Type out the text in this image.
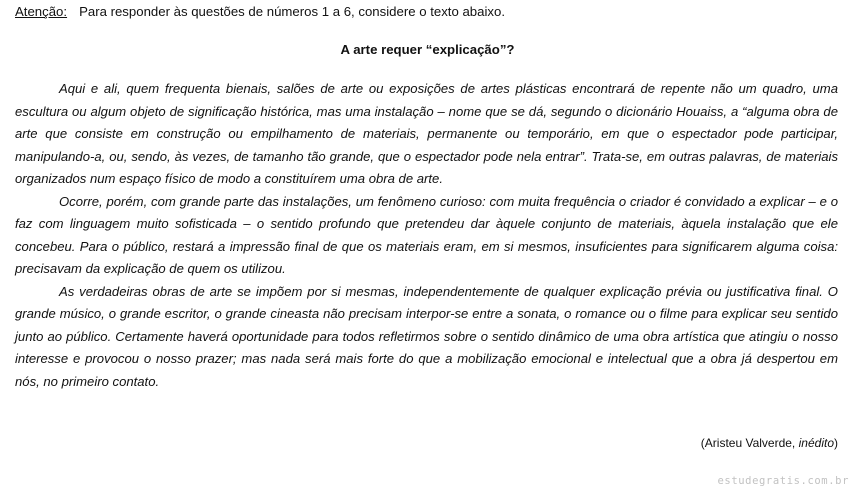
Atenção: Para responder às questões de números 1 a 6, considere o texto abaixo.
A arte requer “explicação”?

Aqui e ali, quem frequenta bienais, salões de arte ou exposições de artes plásticas encontrará de repente não um quadro, uma escultura ou algum objeto de significação histórica, mas uma instalação – nome que se dá, segundo o dicionário Houaiss, a “alguma obra de arte que consiste em construção ou empilhamento de materiais, permanente ou temporário, em que o espectador pode participar, manipulando-a, ou, sendo, às vezes, de tamanho tão grande, que o espectador pode nela entrar”. Trata-se, em outras palavras, de materiais organizados num espaço físico de modo a constituírem uma obra de arte.

Ocorre, porém, com grande parte das instalações, um fenômeno curioso: com muita frequência o criador é convidado a explicar – e o faz com linguagem muito sofisticada – o sentido profundo que pretendeu dar àquele conjunto de materiais, àquela instalação que ele concebeu. Para o público, restará a impressão final de que os materiais eram, em si mesmos, insuficientes para significarem alguma coisa: precisavam da explicação de quem os utilizou.

As verdadeiras obras de arte se impõem por si mesmas, independentemente de qualquer explicação prévia ou justificativa final. O grande músico, o grande escritor, o grande cineasta não precisam interpor-se entre a sonata, o romance ou o filme para explicar seu sentido junto ao público. Certamente haverá oportunidade para todos refletirmos sobre o sentido dinâmico de uma obra artística que atingiu o nosso interesse e provocou o nosso prazer; mas nada será mais forte do que a mobilização emocional e intelectual que a obra já despertou em nós, no primeiro contato.

(Aristeu Valverde, inédito)
estudegratis.com.br
